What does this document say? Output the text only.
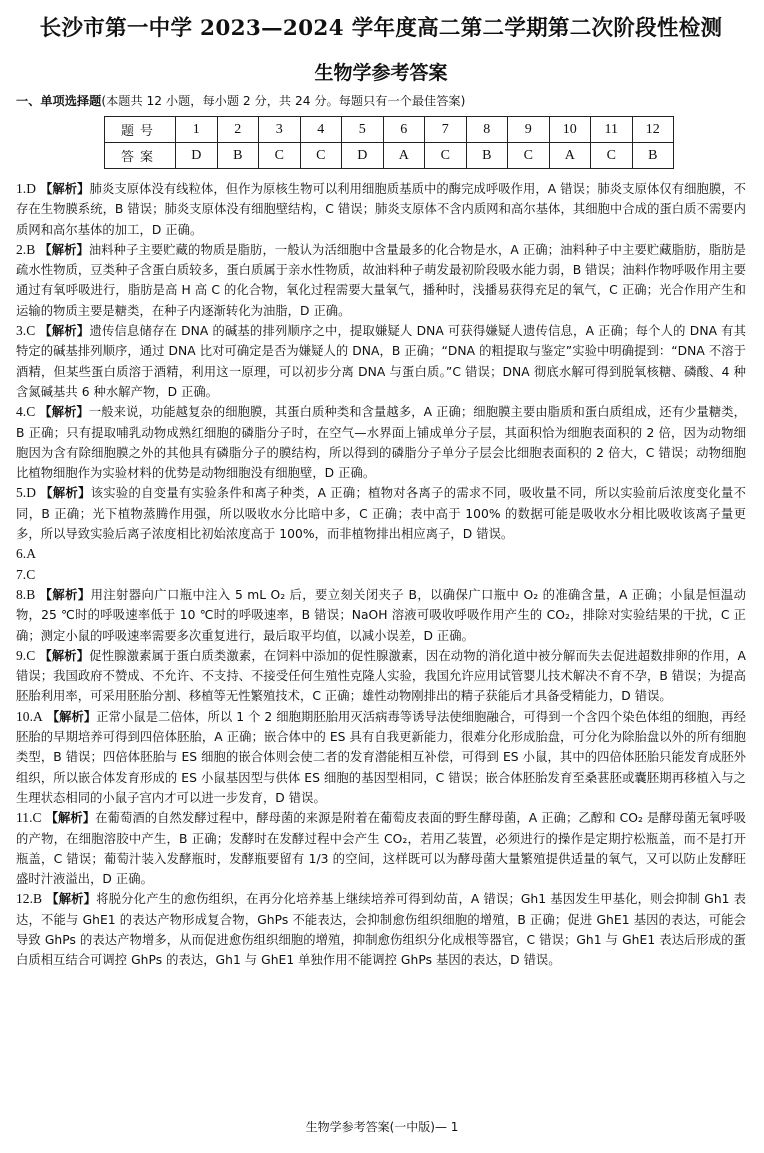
长沙市第一中学 2023—2024 学年度高二第二学期第二次阶段性检测
生物学参考答案
一、单项选择题(本题共 12 小题，每小题 2 分，共 24 分。每题只有一个最佳答案)
题号	1	2	3	4	5	6	7	8	9	10	11	12
答案	D	B	C	C	D	A	C	B	C	A	C	B

1.D 【解析】肺炎支原体没有线粒体，但作为原核生物可以利用细胞质基质中的酶完成呼吸作用，A 错误；肺炎支原体仅有细胞膜，不存在生物膜系统，B 错误；肺炎支原体没有细胞壁结构，C 错误；肺炎支原体不含内质网和高尔基体，其细胞中合成的蛋白质不需要内质网和高尔基体的加工，D 正确。

2.B 【解析】油料种子主要贮藏的物质是脂肪，一般认为活细胞中含量最多的化合物是水，A 正确；油料种子中主要贮藏脂肪，脂肪是疏水性物质，豆类种子含蛋白质较多，蛋白质属于亲水性物质，故油料种子萌发最初阶段吸水能力弱，B 错误；油料作物呼吸作用主要通过有氧呼吸进行，脂肪是高 H 高 C 的化合物，氧化过程需要大量氧气，播种时，浅播易获得充足的氧气，C 正确；光合作用产生和运输的物质主要是糖类，在种子内逐渐转化为油脂，D 正确。

3.C 【解析】遗传信息储存在 DNA 的碱基的排列顺序之中，提取嫌疑人 DNA 可获得嫌疑人遗传信息，A 正确；每个人的 DNA 有其特定的碱基排列顺序，通过 DNA 比对可确定是否为嫌疑人的 DNA，B 正确；“DNA 的粗提取与鉴定”实验中明确提到：“DNA 不溶于酒精，但某些蛋白质溶于酒精，利用这一原理，可以初步分离 DNA 与蛋白质。”C 错误；DNA 彻底水解可得到脱氧核糖、磷酸、4 种含氮碱基共 6 种水解产物，D 正确。

4.C 【解析】一般来说，功能越复杂的细胞膜，其蛋白质种类和含量越多，A 正确；细胞膜主要由脂质和蛋白质组成，还有少量糖类，B 正确；只有提取哺乳动物成熟红细胞的磷脂分子时，在空气—水界面上铺成单分子层，其面积恰为细胞表面积的 2 倍，因为动物细胞因为含有除细胞膜之外的其他具有磷脂分子的膜结构，所以得到的磷脂分子单分子层会比细胞表面积的 2 倍大，C 错误；动物细胞比植物细胞作为实验材料的优势是动物细胞没有细胞壁，D 正确。

5.D 【解析】该实验的自变量有实验条件和离子种类，A 正确；植物对各离子的需求不同，吸收量不同，所以实验前后浓度变化量不同，B 正确；光下植物蒸腾作用强，所以吸收水分比暗中多，C 正确；表中高于 100% 的数据可能是吸收水分相比吸收该离子量更多，所以导致实验后离子浓度相比初始浓度高于 100%，而非植物排出相应离子，D 错误。

6.A

7.C

8.B 【解析】用注射器向广口瓶中注入 5 mL O₂ 后，要立刻关闭夹子 B，以确保广口瓶中 O₂ 的准确含量，A 正确；小鼠是恒温动物，25 ℃时的呼吸速率低于 10 ℃时的呼吸速率，B 错误；NaOH 溶液可吸收呼吸作用产生的 CO₂，排除对实验结果的干扰，C 正确；测定小鼠的呼吸速率需要多次重复进行，最后取平均值，以减小误差，D 正确。

9.C 【解析】促性腺激素属于蛋白质类激素，在饲料中添加的促性腺激素，因在动物的消化道中被分解而失去促进超数排卵的作用，A 错误；我国政府不赞成、不允许、不支持、不接受任何生殖性克隆人实验，我国允许应用试管婴儿技术解决不育不孕，B 错误；为提高胚胎利用率，可采用胚胎分割、移植等无性繁殖技术，C 正确；雄性动物刚排出的精子获能后才具备受精能力，D 错误。

10.A 【解析】正常小鼠是二倍体，所以 1 个 2 细胞期胚胎用灭活病毒等诱导法使细胞融合，可得到一个含四个染色体组的细胞，再经胚胎的早期培养可得到四倍体胚胎，A 正确；嵌合体中的 ES 具有自我更新能力，很难分化形成胎盘，可分化为除胎盘以外的所有细胞类型，B 错误；四倍体胚胎与 ES 细胞的嵌合体则会使二者的发育潜能相互补偿，可得到 ES 小鼠，其中的四倍体胚胎只能发育成胚外组织，所以嵌合体发育形成的 ES 小鼠基因型与供体 ES 细胞的基因型相同，C 错误；嵌合体胚胎发育至桑葚胚或囊胚期再移植入与之生理状态相同的小鼠子宫内才可以进一步发育，D 错误。

11.C 【解析】在葡萄酒的自然发酵过程中，酵母菌的来源是附着在葡萄皮表面的野生酵母菌，A 正确；乙醇和 CO₂ 是酵母菌无氧呼吸的产物，在细胞溶胶中产生，B 正确；发酵时在发酵过程中会产生 CO₂，若用乙装置，必须进行的操作是定期拧松瓶盖，而不是打开瓶盖，C 错误；葡萄汁装入发酵瓶时，发酵瓶要留有 1/3 的空间，这样既可以为酵母菌大量繁殖提供适量的氧气，又可以防止发酵旺盛时汁液溢出，D 正确。

12.B 【解析】将脱分化产生的愈伤组织，在再分化培养基上继续培养可得到幼苗，A 错误；Gh1 基因发生甲基化，则会抑制 Gh1 表达，不能与 GhE1 的表达产物形成复合物，GhPs 不能表达，会抑制愈伤组织细胞的增殖，B 正确；促进 GhE1 基因的表达，可能会导致 GhPs 的表达产物增多，从而促进愈伤组织细胞的增殖，抑制愈伤组织分化成根等器官，C 错误；Gh1 与 GhE1 表达后形成的蛋白质相互结合可调控 GhPs 的表达，Gh1 与 GhE1 单独作用不能调控 GhPs 基因的表达，D 错误。

生物学参考答案(一中版)— 1
